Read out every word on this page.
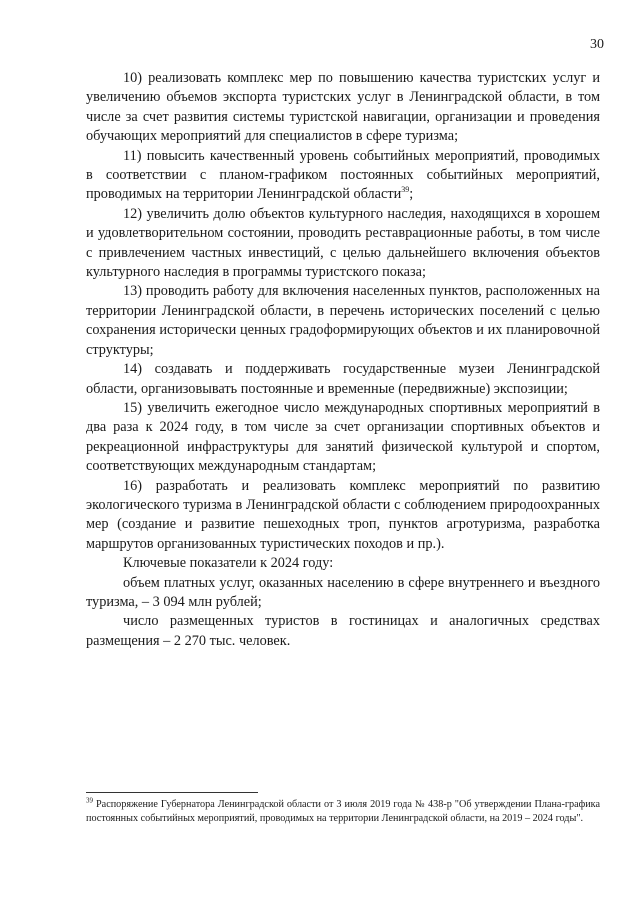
30

10) реализовать комплекс мер по повышению качества туристских услуг и увеличению объемов экспорта туристских услуг в Ленинградской области, в том числе за счет развития системы туристской навигации, организации и проведения обучающих мероприятий для специалистов в сфере туризма;

11) повысить качественный уровень событийных мероприятий, проводимых в соответствии с планом-графиком постоянных событийных мероприятий, проводимых на территории Ленинградской области$^{39}$;

12) увеличить долю объектов культурного наследия, находящихся в хорошем и удовлетворительном состоянии, проводить реставрационные работы, в том числе с привлечением частных инвестиций, с целью дальнейшего включения объектов культурного наследия в программы туристского показа;

13) проводить работу для включения населенных пунктов, расположенных на территории Ленинградской области, в перечень исторических поселений с целью сохранения исторически ценных градоформирующих объектов и их планировочной структуры;

14) создавать и поддерживать государственные музеи Ленинградской области, организовывать постоянные и временные (передвижные) экспозиции;

15) увеличить ежегодное число международных спортивных мероприятий в два раза к 2024 году, в том числе за счет организации спортивных объектов и рекреационной инфраструктуры для занятий физической культурой и спортом, соответствующих международным стандартам;

16) разработать и реализовать комплекс мероприятий по развитию экологического туризма в Ленинградской области с соблюдением природоохранных мер (создание и развитие пешеходных троп, пунктов агротуризма, разработка маршрутов организованных туристических походов и пр.).

Ключевые показатели к 2024 году:

объем платных услуг, оказанных населению в сфере внутреннего и въездного туризма, – 3 094 млн рублей;

число размещенных туристов в гостиницах и аналогичных средствах размещения – 2 270 тыс. человек.

$^{39}$ Распоряжение Губернатора Ленинградской области от 3 июля 2019 года № 438-р "Об утверждении Плана-графика постоянных событийных мероприятий, проводимых на территории Ленинградской области, на 2019 – 2024 годы".
